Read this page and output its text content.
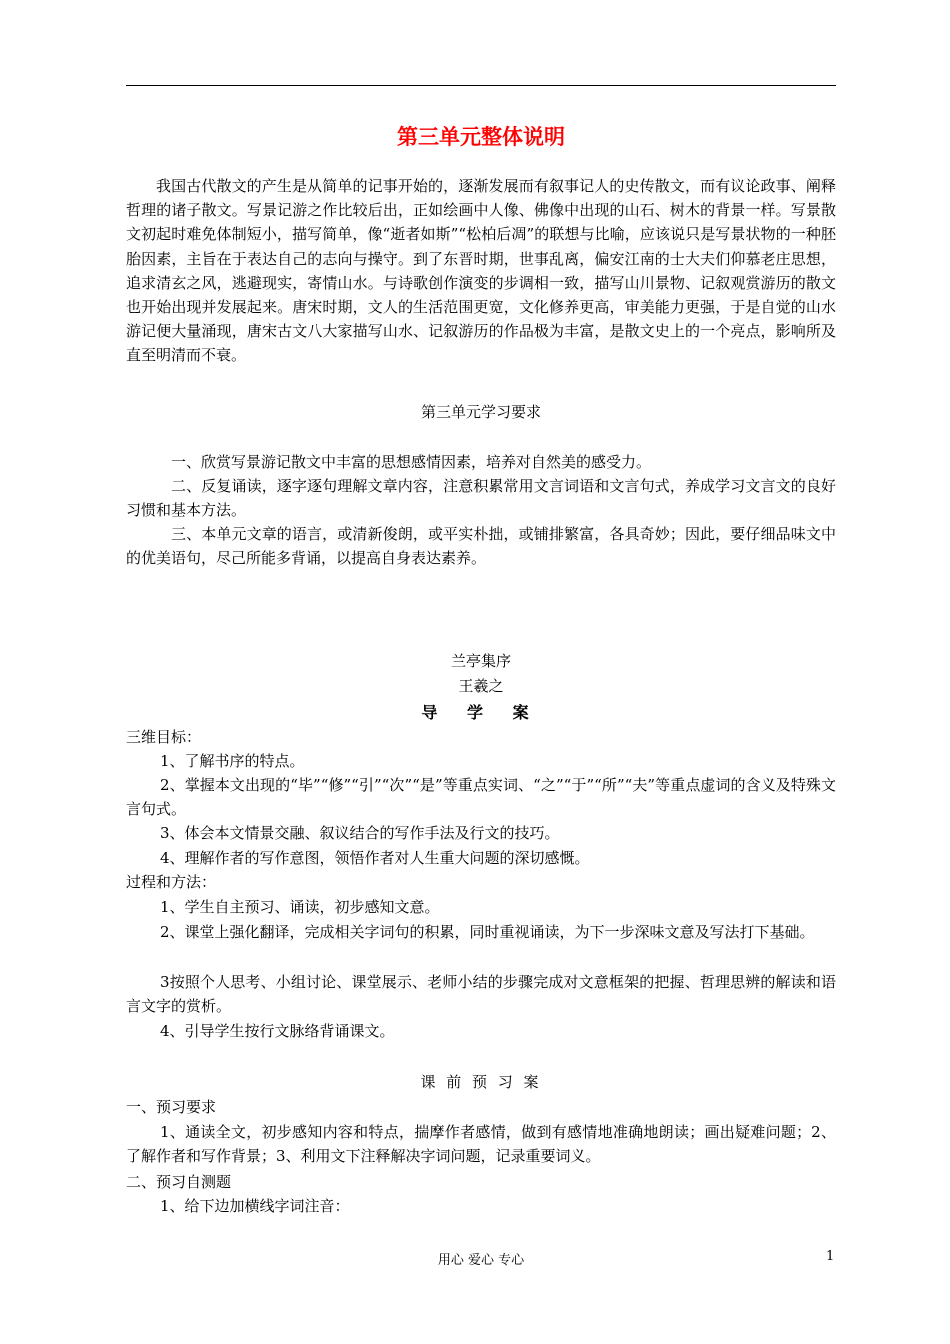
第三单元整体说明
我国古代散文的产生是从简单的记事开始的，逐渐发展而有叙事记人的史传散文，而有议论政事、阐释哲理的诸子散文。写景记游之作比较后出，正如绘画中人像、佛像中出现的山石、树木的背景一样。写景散文初起时难免体制短小，描写简单，像“逝者如斯”“松柏后凋”的联想与比喻，应该说只是写景状物的一种胚胎因素，主旨在于表达自己的志向与操守。到了东晋时期，世事乱离，偏安江南的士大夫们仰慕老庄思想，追求清玄之风，逃避现实，寄情山水。与诗歌创作演变的步调相一致，描写山川景物、记叙观赏游历的散文也开始出现并发展起来。唐宋时期，文人的生活范围更宽，文化修养更高，审美能力更强，于是自觉的山水游记便大量涌现，唐宋古文八大家描写山水、记叙游历的作品极为丰富，是散文史上的一个亮点，影响所及直至明清而不衰。
第三单元学习要求
一、欣赏写景游记散文中丰富的思想感情因素，培养对自然美的感受力。
二、反复诵读，逐字逐句理解文章内容，注意积累常用文言词语和文言句式，养成学习文言文的良好习惯和基本方法。
三、本单元文章的语言，或清新俊朗，或平实朴拙，或铺排繁富，各具奇妙；因此，要仔细品味文中的优美语句，尽己所能多背诵，以提高自身表达素养。
兰亭集序
王羲之
导 学 案
三维目标：
1、了解书序的特点。
2、掌握本文出现的“毕”“修”“引”“次”“是”等重点实词、“之”“于”“所”“夫”等重点虚词的含义及特殊文言句式。
3、体会本文情景交融、叙议结合的写作手法及行文的技巧。
4、理解作者的写作意图，领悟作者对人生重大问题的深切感慨。
过程和方法：
1、学生自主预习、诵读，初步感知文意。
2、课堂上强化翻译，完成相关字词句的积累，同时重视诵读，为下一步深味文意及写法打下基础。
3按照个人思考、小组讨论、课堂展示、老师小结的步骤完成对文意框架的把握、哲理思辨的解读和语言文字的赏析。
4、引导学生按行文脉络背诵课文。
课 前 预 习 案
一、预习要求
1、通读全文，初步感知内容和特点，揣摩作者感情，做到有感情地准确地朗读；画出疑难问题；2、了解作者和写作背景；3、利用文下注释解决字词问题，记录重要词义。
二、预习自测题
1、给下边加横线字词注音：
用心 爱心 专心	1
